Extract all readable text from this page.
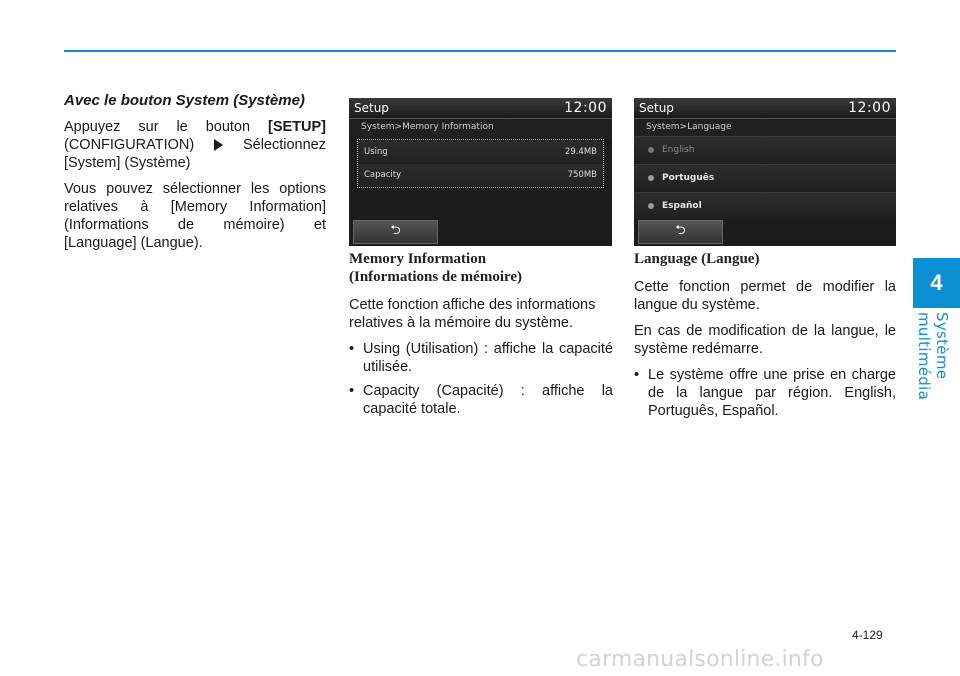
Avec le bouton System (Système)

Appuyez sur le bouton [SETUP] (CONFIGURATION)  Sélectionnez [System] (Système)

Vous pouvez sélectionner les options relatives à [Memory Information] (Informations de mémoire) et [Language] (Langue).

Setup	12:00
System>Memory Information
Using	29.4MB
Capacity	750MB
⮌
Setup	12:00
System>Language
English
Português
Español
⮌
Memory Information
(Informations de mémoire)

Cette fonction affiche des informations relatives à la mémoire du système.

• Using (Utilisation) : affiche la capacité utilisée.
• Capacity (Capacité) : affiche la capacité totale.
Language (Langue)

Cette fonction permet de modifier la langue du système.

En cas de modification de la langue, le système redémarre.

• Le système offre une prise en charge de la langue par région. English, Português, Español.
4
Système multimédia
4-129
carmanualsonline.info
